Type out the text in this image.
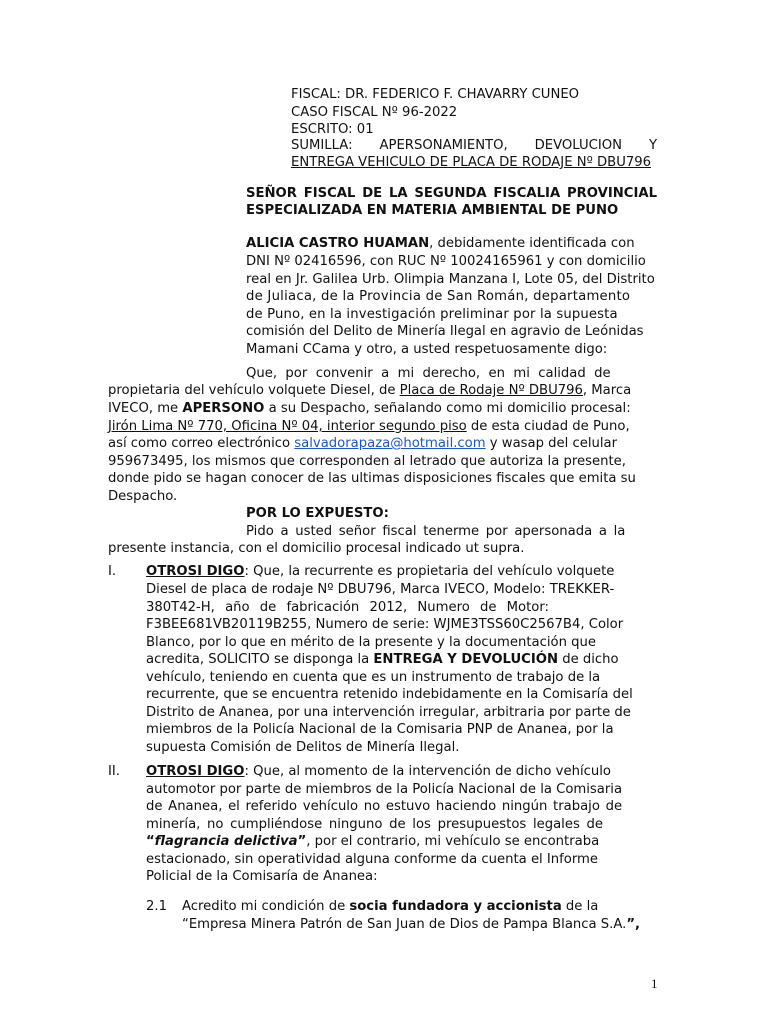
FISCAL: DR. FEDERICO F. CHAVARRY CUNEO
CASO FISCAL Nº 96-2022
ESCRITO: 01
SUMILLA: APERSONAMIENTO, DEVOLUCION Y
ENTREGA VEHICULO DE PLACA DE RODAJE Nº DBU796
SEÑOR FISCAL DE LA SEGUNDA FISCALIA PROVINCIAL
ESPECIALIZADA EN MATERIA AMBIENTAL DE PUNO
ALICIA CASTRO HUAMAN, debidamente identificada con
DNI Nº 02416596, con RUC Nº 10024165961 y con domicilio
real en Jr. Galilea Urb. Olimpia Manzana I, Lote 05, del Distrito
de Juliaca, de la Provincia de San Román, departamento
de Puno, en la investigación preliminar por la supuesta
comisión del Delito de Minería Ilegal en agravio de Leónidas
Mamani CCama y otro, a usted respetuosamente digo:
Que, por convenir a mi derecho, en mi calidad de
propietaria del vehículo volquete Diesel, de Placa de Rodaje Nº DBU796, Marca
IVECO, me APERSONO a su Despacho, señalando como mi domicilio procesal:
Jirón Lima Nº 770, Oficina Nº 04, interior segundo piso de esta ciudad de Puno,
así como correo electrónico salvadorapaza@hotmail.com y wasap del celular
959673495, los mismos que corresponden al letrado que autoriza la presente,
donde pido se hagan conocer de las ultimas disposiciones fiscales que emita su
Despacho.
POR LO EXPUESTO:
Pido a usted señor fiscal tenerme por apersonada a la
presente instancia, con el domicilio procesal indicado ut supra.
I. OTROSI DIGO: Que, la recurrente es propietaria del vehículo volquete
Diesel de placa de rodaje Nº DBU796, Marca IVECO, Modelo: TREKKER-
380T42-H, año de fabricación 2012, Numero de Motor:
F3BEE681VB20119B255, Numero de serie: WJME3TSS60C2567B4, Color
Blanco, por lo que en mérito de la presente y la documentación que
acredita, SOLICITO se disponga la ENTREGA Y DEVOLUCIÓN de dicho
vehículo, teniendo en cuenta que es un instrumento de trabajo de la
recurrente, que se encuentra retenido indebidamente en la Comisaría del
Distrito de Ananea, por una intervención irregular, arbitraria por parte de
miembros de la Policía Nacional de la Comisaria PNP de Ananea, por la
supuesta Comisión de Delitos de Minería Ilegal.
II. OTROSI DIGO: Que, al momento de la intervención de dicho vehículo
automotor por parte de miembros de la Policía Nacional de la Comisaria
de Ananea, el referido vehículo no estuvo haciendo ningún trabajo de
minería, no cumpliéndose ninguno de los presupuestos legales de
“flagrancia delictiva”, por el contrario, mi vehículo se encontraba
estacionado, sin operatividad alguna conforme da cuenta el Informe
Policial de la Comisaría de Ananea:
2.1 Acredito mi condición de socia fundadora y accionista de la
“Empresa Minera Patrón de San Juan de Dios de Pampa Blanca S.A.”,
1
